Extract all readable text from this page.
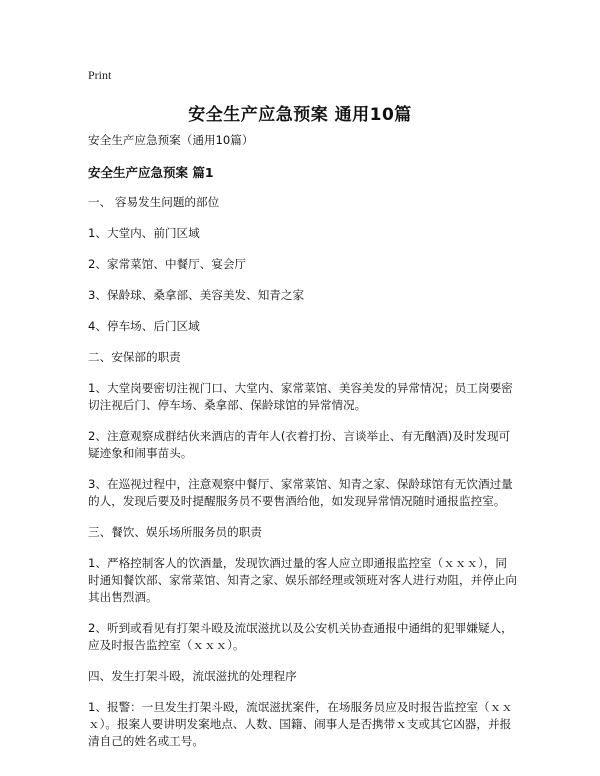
Print
安全生产应急预案 通用10篇

安全生产应急预案（通用10篇）

安全生产应急预案 篇1

一、 容易发生问题的部位

1、大堂内、前门区域

2、家常菜馆、中餐厅、宴会厅

3、保龄球、桑拿部、美容美发、知青之家

4、停车场、后门区域

二、安保部的职责

1、大堂岗要密切注视门口、大堂内、家常菜馆、美容美发的异常情况；员工岗要密切注视后门、停车场、桑拿部、保龄球馆的异常情况。

2、注意观察成群结伙来酒店的青年人(衣着打扮、言谈举止、有无酗酒)及时发现可疑迹象和闹事苗头。

3、在巡视过程中，注意观察中餐厅、家常菜馆、知青之家、保龄球馆有无饮酒过量的人，发现后要及时提醒服务员不要售酒给他，如发现异常情况随时通报监控室。

三、餐饮、娱乐场所服务员的职责

1、严格控制客人的饮酒量，发现饮酒过量的客人应立即通报监控室（ｘｘｘ），同时通知餐饮部、家常菜馆、知青之家、娱乐部经理或领班对客人进行劝阻，并停止向其出售烈酒。

2、听到或看见有打架斗殴及流氓滋扰以及公安机关协查通报中通缉的犯罪嫌疑人，应及时报告监控室（ｘｘｘ）。

四、发生打架斗殴，流氓滋扰的处理程序

1、报警：一旦发生打架斗殴，流氓滋扰案件，在场服务员应及时报告监控室（ｘｘｘ）。报案人要讲明发案地点、人数、国籍、闹事人是否携带ｘ支或其它凶器，并报清自己的姓名或工号。
